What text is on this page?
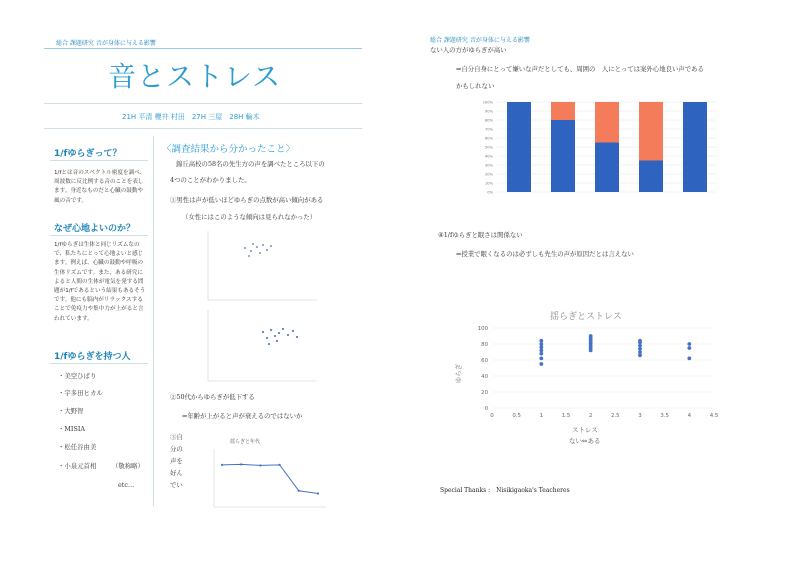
総合 課題研究 音が身体に与える影響
音とストレス
21H 平清 櫻井 村田　27H 三屋　28H 輪木
1/fゆらぎって？
1/fとは音のスペクトル密度を調べ、周波数に反比例する音のことを表します。身近なものだと心臓の鼓動や風の音です。
なぜ心地よいのか？
1/fゆらぎは生体と同じリズムなので、私たちにとって心地よいと感じます。例えば、心臓の鼓動や呼吸の生体リズムです。また、ある研究によると人間の生体が電気を発する問題が1/fであるという結果もあるそうです。他にも脳内がリラックスすることで免疫力や集中力が上がると言われています。
1/fゆらぎを持つ人
・美空ひばり
・宇多田ヒカル
・大野智
・MISIA
・松任谷由美
・小泉元首相 （敬称略）
etc…
〈調査結果から分かったこと〉
錦丘高校の58名の先生方の声を調べたところ以下の
4つのことがわかりました。
①男性は声が低いほどゆらぎの点数が高い傾向がある
（女性にはこのような傾向は見られなかった）
②50代からゆらぎが低下する
⇒年齢が上がると声が衰えるのではないか
③自
分の
声を
好ん
でい
揺らぎと年代
総合 課題研究 音が身体に与える影響
ない人の方がゆらぎが高い
⇒自分自身にとって嫌いな声だとしても、周囲の　人にとっては案外心地良い声である
かもしれない
0%
10%
20%
30%
40%
50%
60%
70%
80%
90%
100%
④1/fゆらぎと眠さは関係ない
⇒授業で眠くなるのは必ずしも先生の声が原因だとは言えない
揺らぎとストレス
0
20
40
60
80
100
0	0.5	1	1.5	2	2.5	3	3.5	4	4.5
ゆらぎ
ストレス
ない⇔ある
Special Thanks :　Nisikigaoka's Teacheres
